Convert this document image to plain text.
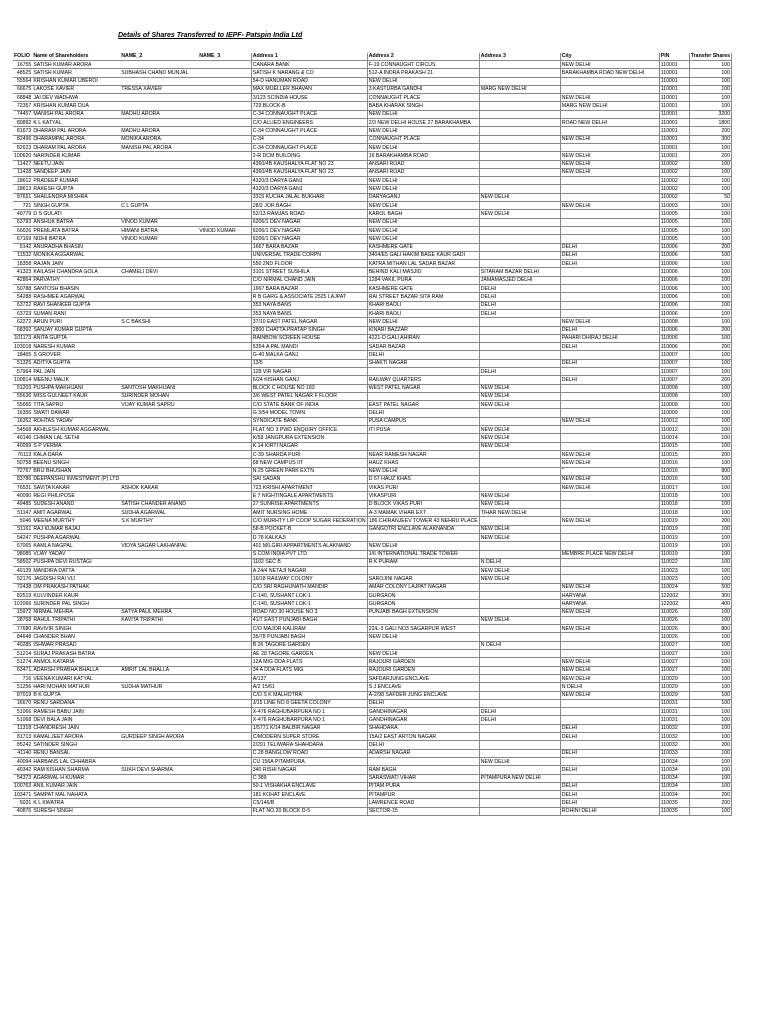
Details of Shares Transferred to IEPF- Patspin India Ltd
FOLIO	Name of Shareholders	NAME_2	NAME_3	Address 1	Address 2	Address 3	City	PIN	Transfer Shares
16755	SATISH KUMAR ARORA			CANARA BANK	F-19 CONNAUGHT CIRCUS		NEW DELHI	110001	100
48525	SATISH KUMAR	SUBHASH CHAND MUNJAL		SATISH K NARANG & CO	512-A INDRA PRAKASH 21		BARAKHAMBA ROAD NEW DELHI	110001	100
55564	KRISHAN KUMAR UBEROI			54-D HANUMAN ROAD	NEW DELHI			110001	100
66675	LAKOSE XAVIER	TRESSA XAVIER		MAX MUELLER BHAVAN	3 KASTURBA GANDHI	MARG NEW DELHI		110001	100
68848	JAI DEV WADHWA			3/123 SCINDIA HOUSE	CONNAUGHT PLACE		NEW DELHI	110001	100
72357	KRISHAN KUMAR DUA			729 BLOCK-B	BABA KHARAK SINGH		MARG NEW DELHI	110001	100
74457	MANISH PAL ARORA	MADHU ARORA		C-34 CONNAUGHT PLACE	NEW DELHI			110001	3200
80892	K L KATYAL			C/O ALLIED ENGINEERS	2/3 NEW DELHI HOUSE 27 BARAKHAMBA		ROAD NEW DELHI	110001	1800
81673	DHARAM PAL ARORA	MADHU ARORA		C-34 CONNAUGHT PLACE	NEW DELHI			110001	200
82496	DHARAMPAL ARORA	MONIKA ARORA		C-34	CONNAUGHT PLACE		NEW DELHI	110001	300
82623	DHARAM PAL ARORA	MANISH PAL ARORA		C-34 CONNAUGHT PLACE	NEW DELHI			110001	100
100620	NARINDER KUMAR			2-R DCM BUILDING	16 BARAKHAMBA ROAD		NEW DELHI	110001	200
11427	NEETU JAIN			4360/4B KAUSHALYA FLAT NO 23	ANSARI ROAD		NEW DELHI	110002	100
11428	SANDEEP JAIN			4360/4B KAUSHALYA FLAT NO 23	ANSARI ROAD		NEW DELHI	110002	100
18612	PRADEEP KUMAR			4320/3 DARYA GANJ	NEW DELHI			110002	100
18613	RAKESH GUPTA			4320/3 DARYA GANJ	NEW DELHI			110002	100
87651	SHAILENDRA MISHRA			3315 KUCHA JALAL BUKHARI	DARYAGANJ	NEW DELHI		110002	50
721	SINGH GUPTA	C L GUPTA		28/2 JOR BAGH	NEW DELHI		NEW DELHI	110003	100
40779	D S GULATI			52/13 RAMJAS ROAD	KAROL BAGH	NEW DELHI		110005	100
63793	ANSHUK BATRA	VINOD KUMAR		6206/1 DEV NAGAR	NEW DELHI			110005	100
66626	PREMLATA BATRA	HIMANI BATRA	VINOD KUMAR	6206/1 DEV NAGAR	NEW DELHI			110005	100
67169	NIDHI BATRA	VINOD KUMAR		6206/1 DEV NAGAR	NEW DELHI			110005	100
5142	ANURADHA BHASIN			1667 BARA BAZAR	KASHMERE GATE		DELHI	110006	200
11532	MONIKA AGGARWAL			UNIVERSAL TRADE CORPN	3404/E5 GALI HAKIM BAGE KAUR GADI		DELHI	110006	100
18358	RAJAN JAIN			550 2ND FLOOR	KATRA MITHAN LAL SADAR BAZAR		DELHI	110006	100
41323	KAILASH CHANDRA GOLA	CHAMELI DEVI		3101 STREET SUSHILA	BEHIND KALI MASJID	SITARAM BAZAR DELHI		110006	100
42864	PARVATHY			C/O NIRMAL CHAND JAIN	1284 VAKIL PURA	JAMAMASJED DELHI		110006	100
50788	SANTOSH BHASIN			1667 BARA BAZAR	KASHMERE GATE	DELHI		110006	100
54288	RASHMEE AGARWAL			R B GARG & ASSOCIATE 2525 LAJPAT	RAI STREET BAZAR SITA RAM	DELHI		110006	100
63722	RAVI SHANKER GUPTA			353 NAYA BANS	KHARI BAOLI	DELHI		110006	100
63723	SUMAN RANI			353 NAYA BANS	KHARI BAOLI	DELHI		110006	100
62272	ARUN PURI	S C BAKSHI		37/10 EAST PATEL NAGAR	NEW DELHI		NEW DELHI	110008	100
68392	SANJAY KUMAR GUPTA			2800 CHATTA PRATAP SINGH	KINARI BAZZAR		DELHI	110006	200
101173	ANITA GUPTA			RAINBOW SCREEN HOUSE	4221-D GALI AHIRAN		PAHARI DHIRAJ DELHI	110006	100
103018	NARESH KUMAR			5354-A PAL MANDI	SADAR BAZAR		DELHI	110006	200
18465	S GROVER			G-40 MALKA GANJ	DELHI			110007	100
51325	ADITYA GUPTA			13/5	SHAKTI NAGAR		DELHI	110007	100
57964	PAL JAIN			128 VIR NAGAR		DELHI		110007	100
100814	MEENU MALIK			6/24 KISHAN GANJ	RAILWAY QUARTERS		DELHI	110007	200
51203	PUSHPA MAKHIJANI	SANTOSH MAKHIJANI		BLOCK C HOUSE NO 183	WEST PATEL NAGAR	NEW DELHI		110008	100
55636	MISS GULNEET KAUR	SURINDER MOHAN		3/6 WEST PATEL NAGAR F FLOOR		NEW DELHI		110008	100
55665	TITA SAPRU	VIJAY KUMAR SAPRU		C/O STATE BANK OF INDIA	EAST PATEL NAGAR	NEW DELHI		110008	100
16356	SWATI DAWAR			G 3/54 MODEL TOWN	DELHI			110009	100
16352	ROHTAS YADAV			SYNDICATE BANK	PUSA CAMPUS		NEW DELHI	110012	100
54568	AKHILESH KUMAR AGGARWAL			FLAT NO 3 PWD ENQUIRY OFFICE	ITI PUSA	NEW DELHI		110012	100
40146	CHMAN LAL SETHI			K/58 JANGPURA EXTENSION		NEW DELHI		110014	100
40099	S P VERMA			K 14 KIRTI NAGAR		NEW DELHI		110015	100
76113	KALA DARA			C-39 SHARDA PURI	NEAR RAMESH NAGAR		NEW DELHI	110015	200
50758	BEENU SINGH			68 NEW CAMPUS IIT	HAUZ KHAS		NEW DELHI	110016	100
72767	BRIJ BHUSHAN			N 25 GREEN PARK EXTN	NEW DELHI		"	110016	800
83786	DEEPANSHU INVESTMENT (P) LTD			SAI SADAN	D 57 HAUZ KHAS		NEW DELHI	110016	100
76531	SAVITA KAKAR	ASHOK KAKAR		723 KRISHI APARTMENT	VIKAS PURI		NEW DELHI	110017	100
40090	REGI PHILIPOSE			E 7 NIGHTINGALE APARTMENTS	VIKASPURI	NEW DELHI		110018	100
49485	SUDESH ANAND	SATISH CHANDER ANAND		27 SUNRISE APARTMENTS	D BLOCK VIKAS PURI	NEW DELHI		110018	100
51147	AMIT AGARWAL	SUDHA AGARWAL		AMIT NURSING HOME	A-3 MAMAK VIHAR EXT	TIHAR NEW DELHI		110018	100
5046	MEENA MURTHY	S K MURTHY		C/O MURHTY LIP COOP SUGAR FEDERATION	186 CHIRANJEEV TOWER 43 NEHRU PLACE		NEW DELHI	110019	200
51161	RAJ KUMAR BAJAJ			58-B POCKET-B	GANGOTRI ENCLAVE ALAKNANDA	NEW DELHI		110019	100
54247	PUSHPA AGARWAL			D 78 KALKAJI		NEW DELHI		110019	100
67065	KAMLA NAGPAL	VIDYA SAGAR LAKHANPAL		401 MILGIRI APPARTMENTS ALAKNAND	NEW DELHI			110019	100
98085	VIJAY YADAV			S COM INDIA PVT LTD	1/6 INTERNATIONAL TRADE TOWER		MEMBRE PLACE NEW DELHI	110019	100
58502	PUSHPA DEVI RUSTAGI			1102 SEC B	R K PURAM	N DELHI		110022	100
40139	MANDIRA DATTA			A 24/4 NETAJI NAGAR		NEW DELHI		110023	100
52176	JAGDISH RAI VIJ			16/18 RAILWAY COLONY	SAROJINI NAGAR	NEW DELHI		110023	100
72438	OM PRAKASH PATHAK			C/O SRI RAGHUNATH MANDIR	AMAR COLONY LAJPAT NAGAR		NEW DELHI	110024	500
82519	KULVINDER KAUR			C-140, SUSHANT LOK-1	GURGAON		HARYANA	122002	300
101066	SURINDER PAL SINGH			C-140, SUSHANT LOK-1	GURGAON		HARYANA	122002	400
15972	NIRMAL MEHRA	SATYA PAUL MEHRA		ROAD NO 30 HOUSE NO 3	PUNJABI BAGH EXTENSION		NEW DELHI	110026	100
28768	RAHUL TRIPATHI	KAVITA TRIPATHI		41/7 EAST PUNJABI BAGH		NEW DELHI		110026	100
77680	RAVIVIR SINGH			C/O MAJOR KALIRAM	22/L-3 GALI NO3 SAGARPUR WEST		NEW DELHI	110026	800
84648	CHANDER BHAN			35/78 PUNJABI BAGH	NEW DELHI			110026	100
40285	ISHWAR PRASAD			B 26 TAGORE GARDEN		N DELHI		110027	100
51214	SURAJ PRAKASH BATRA			AE 28 TAGORE GARDEN	NEW DELHI			110027	100
51274	ANMOL KATARIA			12A MIG DDA FLATS	RAJOURI GARDEN		NEW DELHI	110027	100
63471	ADARSH PRABHA BHALLA	AMRIT LAL BHALLA		34 A DDA FLATS MIG	RAJOURI GARDEN		NEW DELHI	110027	100
716	VEENA KUMARI KATYAL			A/137	SAFDARJUNG ENCLAVE		NEW DELHI	110029	100
51256	HARI MOHAN MATHUR	SUDHA MATHUR		A/2 15/61	S J ENCLAVE		N DELHI	110029	100
87019	B K GUPTA			C/O S K MALHOTRA	A-2/98 SAFDER JUNG ENCLAVE		NEW DELHI	110029	100
16670	RENU SARDANA			J/15 LINE NO 8 GEETA COLONY	DELHI			110031	100
51066	RAMESH BABU JAIN			X-476 RAGHUBARPURA NO 1	GANDHINAGAR	DELHI		110031	100
51068	DEVI BALA JAIN			X-476 RAGHUBARPURA NO 1	GANDHINAGAR	DELHI		110031	100
11318	CHANDRESH JAIN			1/5771 K/14 BALBIR NAGAR	SHAHDARA		DELHI	110032	100
81713	KAMALJEET ARORA	GURDEEP SINGH ARORA		C/MODERN SUPER STORE	15A/2 EAST ARTON NAGAR		DELHI	110032	100
85242	SATINDER SINGH			2/291 TELIWARA SHAHDARA	DELHI			110032	200
41140	RENU BANSAL			C 28 BANGLOW ROAD	ADARSH NAGAR		DELHI	110033	100
40094	HARBANS LAL CHHABRA			CU 156A PITAMPURA		NEW DELHI		110034	100
40342	RAM KISHAN SHARMA	SUKH DEVI SHARMA		340 RISHI NAGAR	RAM BAGH		DELHI	110034	100
54373	AGARWAL H KUMAR			C 389	SARASWATI VIHAR	PITAMPURA NEW DELHI		110034	100
100763	ANIL KUMAR JAIN			50-1 VISHAKHA ENCLAVE	PITAM PURA		DELHI	110034	100
103471	SAMPAT MAL NAHATA			181 KOHAT ENCLAVE	PITAMPUR		DELHI	110034	200
5031	K L KWATRA			C5/146/B	LAWRENCE ROAD		DELHI	110035	200
40876	SURESH SINGH			FLAT NO.20 BLOCK D-5	SECTOR-15		ROHINI DELHI	110035	100
